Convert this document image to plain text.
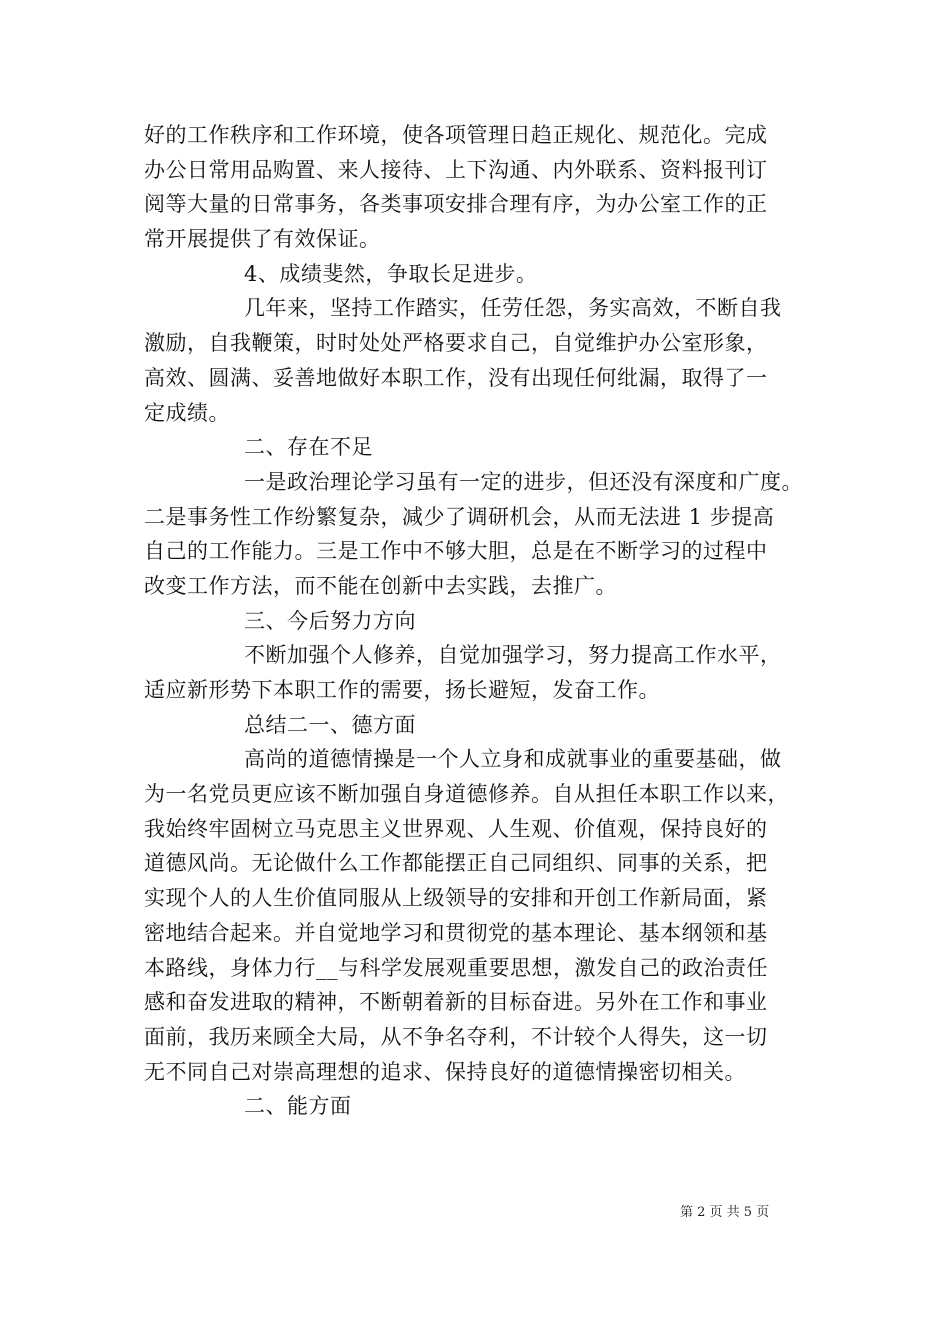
好的工作秩序和工作环境，使各项管理日趋正规化、规范化。完成
办公日常用品购置、来人接待、上下沟通、内外联系、资料报刊订
阅等大量的日常事务，各类事项安排合理有序，为办公室工作的正
常开展提供了有效保证。
4、成绩斐然，争取长足进步。
几年来，坚持工作踏实，任劳任怨，务实高效，不断自我
激励，自我鞭策，时时处处严格要求自己，自觉维护办公室形象，
高效、圆满、妥善地做好本职工作，没有出现任何纰漏，取得了一
定成绩。
二、存在不足
一是政治理论学习虽有一定的进步，但还没有深度和广度。
二是事务性工作纷繁复杂，减少了调研机会，从而无法进 1 步提高
自己的工作能力。三是工作中不够大胆，总是在不断学习的过程中
改变工作方法，而不能在创新中去实践，去推广。
三、今后努力方向
不断加强个人修养，自觉加强学习，努力提高工作水平，
适应新形势下本职工作的需要，扬长避短，发奋工作。
总结二一、德方面
高尚的道德情操是一个人立身和成就事业的重要基础，做
为一名党员更应该不断加强自身道德修养。自从担任本职工作以来，
我始终牢固树立马克思主义世界观、人生观、价值观，保持良好的
道德风尚。无论做什么工作都能摆正自己同组织、同事的关系，把
实现个人的人生价值同服从上级领导的安排和开创工作新局面，紧
密地结合起来。并自觉地学习和贯彻党的基本理论、基本纲领和基
本路线，身体力行__与科学发展观重要思想，激发自己的政治责任
感和奋发进取的精神，不断朝着新的目标奋进。另外在工作和事业
面前，我历来顾全大局，从不争名夺利，不计较个人得失，这一切
无不同自己对崇高理想的追求、保持良好的道德情操密切相关。
二、能方面
第 2 页 共 5 页
